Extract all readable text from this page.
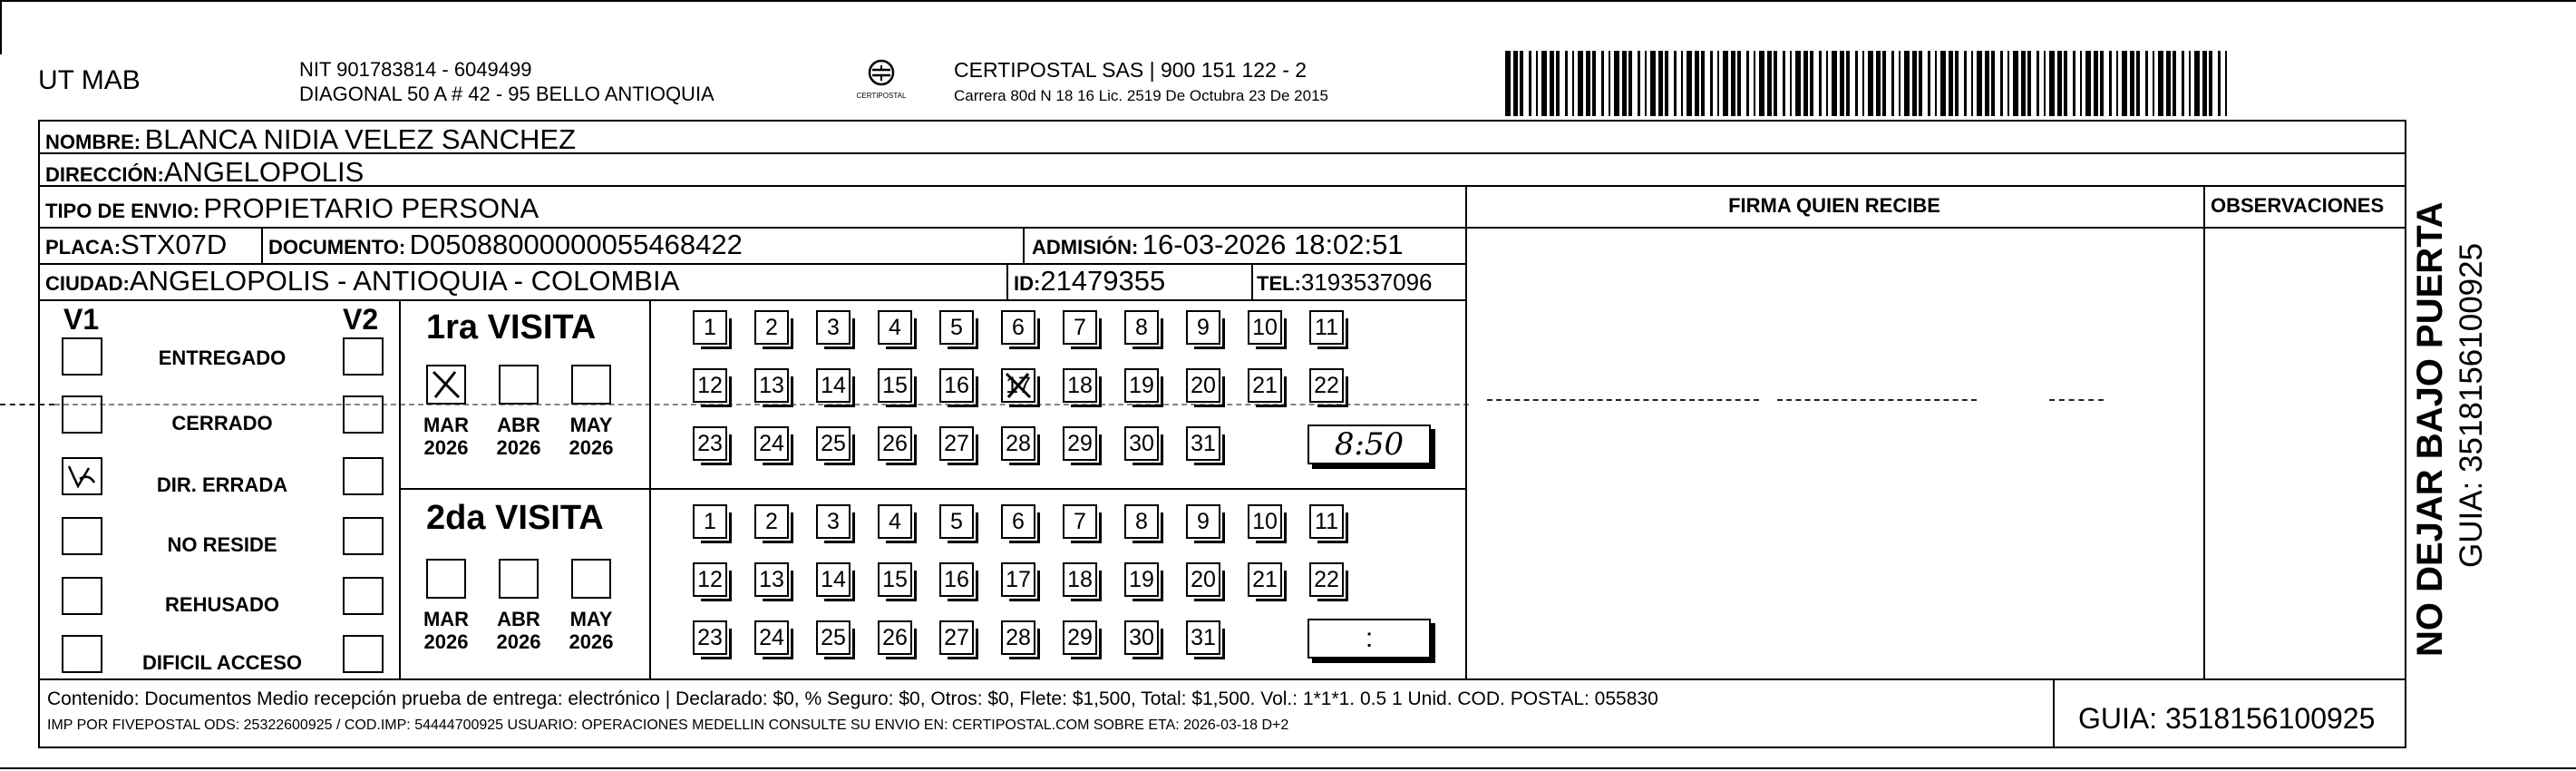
UT MAB	NIT 901783814 - 6049499
DIAGONAL 50 A # 42 - 95 BELLO ANTIOQUIA	CERTIPOSTAL
CERTIPOSTAL SAS | 900 151 122 - 2
Carrera 80d N 18 16 Lic. 2519 De Octubra 23 De 2015
NOMBRE: BLANCA NIDIA VELEZ SANCHEZ
DIRECCIÓN:ANGELOPOLIS
TIPO DE ENVIO: PROPIETARIO PERSONA
PLACA:STX07D DOCUMENTO: D05088000000055468422	ADMISIÓN: 16-03-2026 18:02:51
CIUDAD:ANGELOPOLIS - ANTIOQUIA - COLOMBIA	ID:21479355	TEL:3193537096
FIRMA QUIEN RECIBE	OBSERVACIONES
V1	V2
ENTREGADO
CERRADO
DIR. ERRADA
NO RESIDE
REHUSADO
DIFICIL ACCESO
1ra VISITA
MAR
2026
ABR
2026
MAY
2026
1	2	3	4	5	6	7	8	9	10 11
12 13 14 15 16 17 18 19 20 21 22
23 24 25 26 27 28 29 30 31	8:50
2da VISITA
MAR
2026
ABR
2026
MAY
2026
1	2	3	4	5	6	7	8	9	10 11
12 13 14 15 16 17 18 19 20 21 22
23 24 25 26 27 28 29 30 31	:
Contenido: Documentos Medio recepción prueba de entrega: electrónico | Declarado: $0, % Seguro: $0, Otros: $0, Flete: $1,500, Total: $1,500. Vol.: 1*1*1. 0.5 1 Unid. COD. POSTAL: 055830
IMP POR FIVEPOSTAL ODS: 25322600925 / COD.IMP: 54444700925 USUARIO: OPERACIONES MEDELLIN CONSULTE SU ENVIO EN: CERTIPOSTAL.COM SOBRE ETA: 2026-03-18 D+2	GUIA: 3518156100925
NO DEJAR BAJO PUERTA GUIA: 3518156100925
